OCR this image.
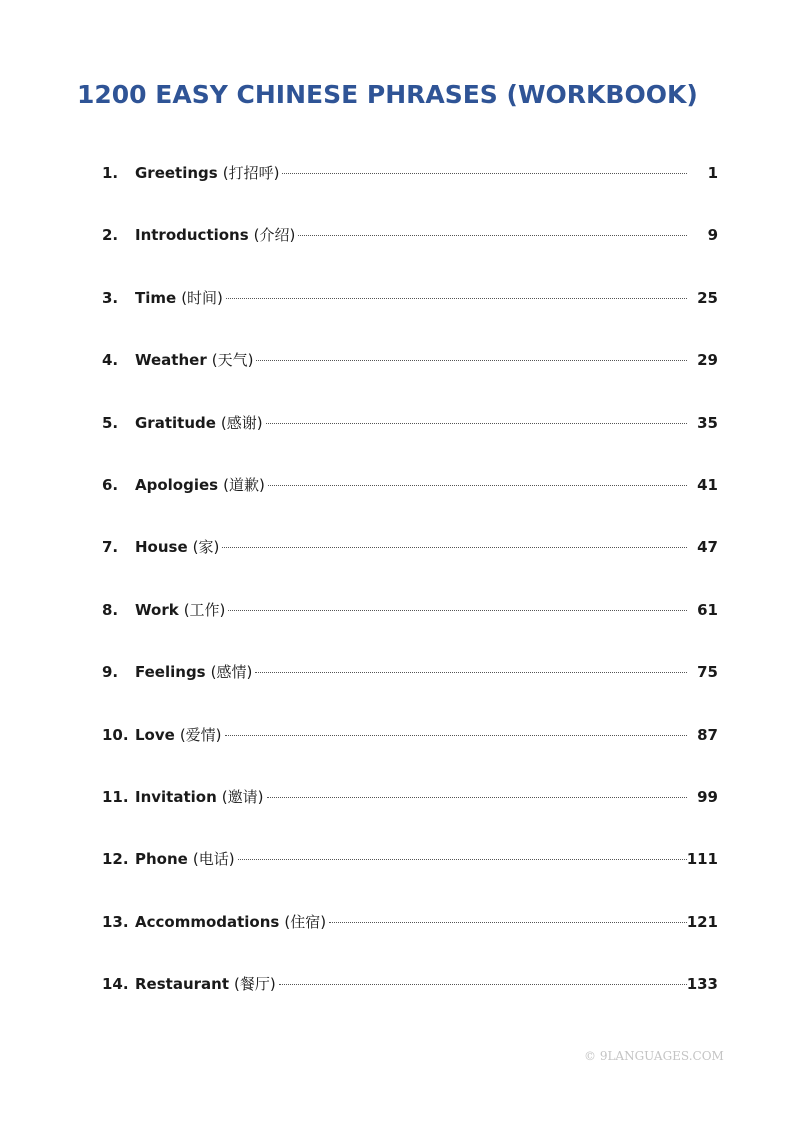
1200 EASY CHINESE PHRASES (WORKBOOK)
1.	Greetings (打招呼)	1
2.	Introductions (介绍)	9
3.	Time (时间)	25
4.	Weather (天气)	29
5.	Gratitude (感谢)	35
6.	Apologies (道歉)	41
7.	House (家)	47
8.	Work (工作)	61
9.	Feelings (感情)	75
10. Love (爱情)	87
11. Invitation (邀请)	99
12. Phone (电话)	111
13. Accommodations (住宿)	121
14. Restaurant (餐厅)	133
© 9LANGUAGES.COM
